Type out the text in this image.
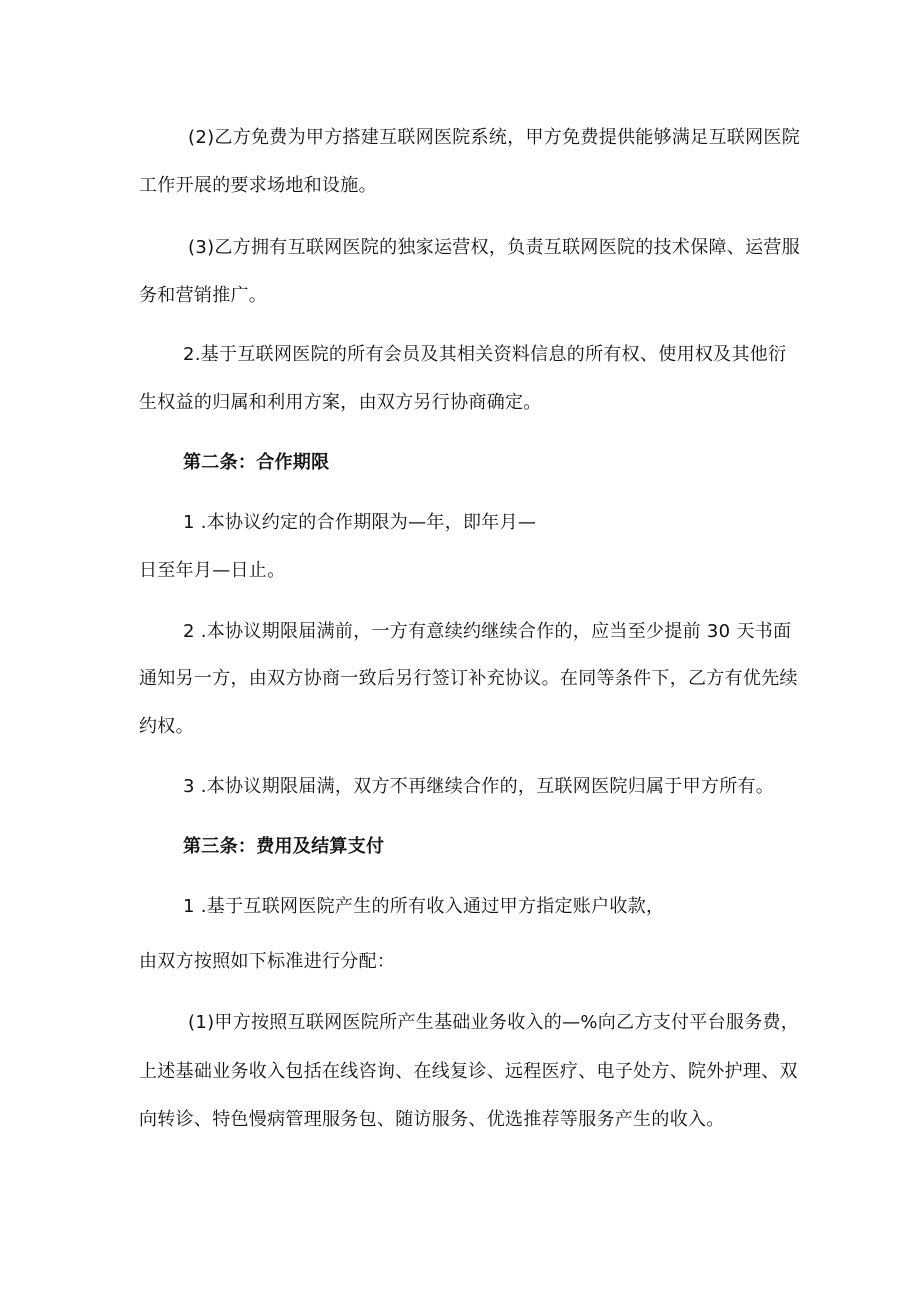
(2)乙方免费为甲方搭建互联网医院系统，甲方免费提供能够满足互联网医院
工作开展的要求场地和设施。
(3)乙方拥有互联网医院的独家运营权，负责互联网医院的技术保障、运营服
务和营销推广。
2.基于互联网医院的所有会员及其相关资料信息的所有权、使用权及其他衍
生权益的归属和利用方案，由双方另行协商确定。
第二条：合作期限
1 .本协议约定的合作期限为—年，即年月—
日至年月—日止。
2 .本协议期限届满前，一方有意续约继续合作的，应当至少提前 30 天书面
通知另一方，由双方协商一致后另行签订补充协议。在同等条件下，乙方有优先续
约权。
3 .本协议期限届满，双方不再继续合作的，互联网医院归属于甲方所有。
第三条：费用及结算支付
1 .基于互联网医院产生的所有收入通过甲方指定账户收款，
由双方按照如下标准进行分配：
(1)甲方按照互联网医院所产生基础业务收入的—%向乙方支付平台服务费，
上述基础业务收入包括在线咨询、在线复诊、远程医疗、电子处方、院外护理、双
向转诊、特色慢病管理服务包、随访服务、优选推荐等服务产生的收入。
